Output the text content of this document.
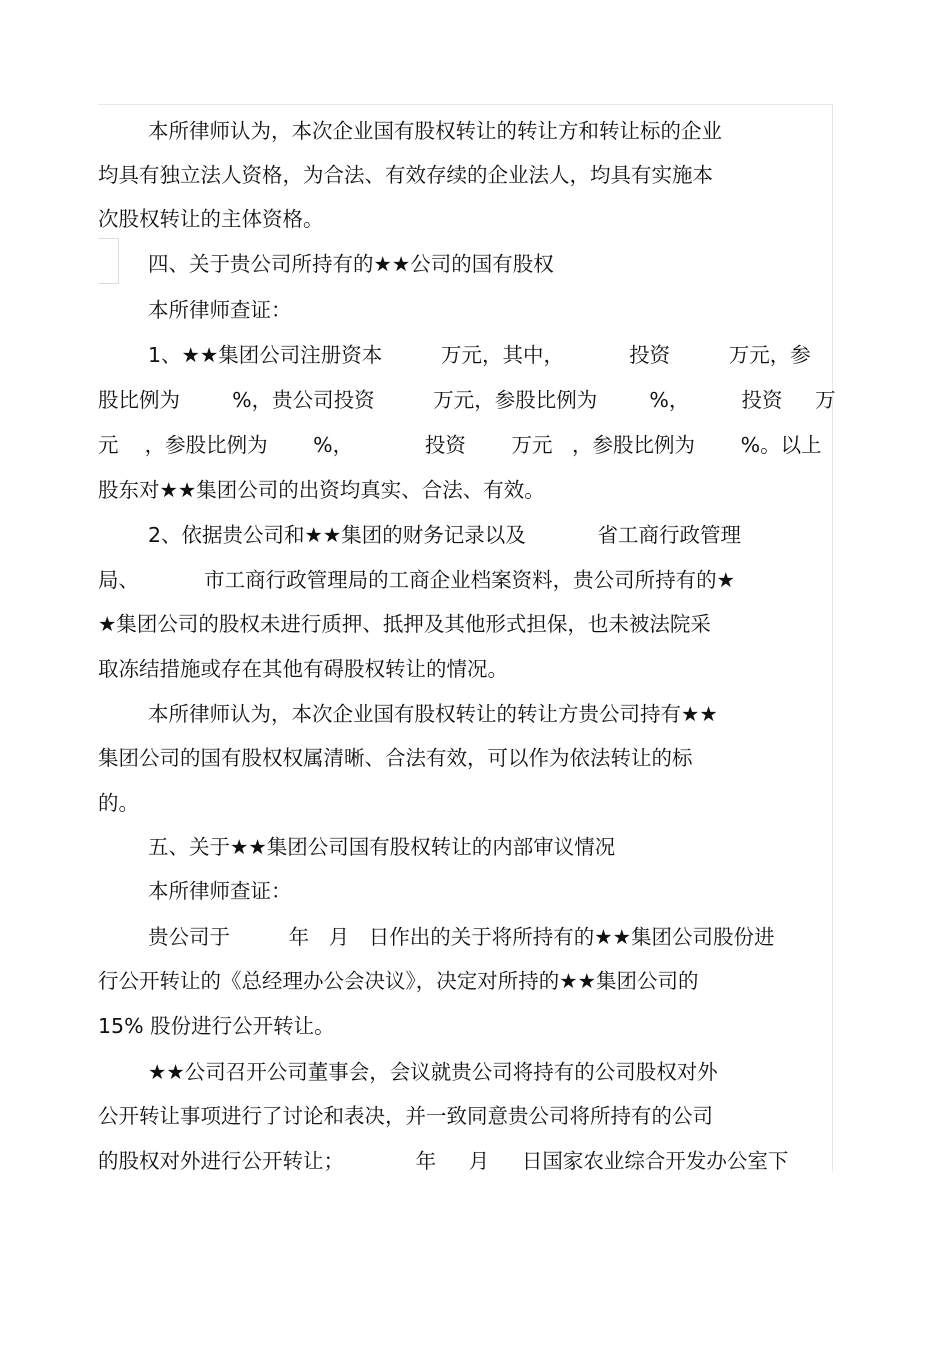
本所律师认为，本次企业国有股权转让的转让方和转让标的企业

均具有独立法人资格，为合法、有效存续的企业法人，均具有实施本

次股权转让的主体资格。

四、关于贵公司所持有的★★公司的国有股权

本所律师查证：

1、★★集团公司注册资本         万元，其中，          投资         万元，参

股比例为        %，贵公司投资         万元，参股比例为        %，        投资     万

元    ，参股比例为       %，           投资       万元   ，参股比例为       %。以上

股东对★★集团公司的出资均真实、合法、有效。

2、依据贵公司和★★集团的财务记录以及           省工商行政管理

局、          市工商行政管理局的工商企业档案资料，贵公司所持有的★

★集团公司的股权未进行质押、抵押及其他形式担保，也未被法院采

取冻结措施或存在其他有碍股权转让的情况。

本所律师认为，本次企业国有股权转让的转让方贵公司持有★★

集团公司的国有股权权属清晰、合法有效，可以作为依法转让的标

的。

五、关于★★集团公司国有股权转让的内部审议情况

本所律师查证：

贵公司于         年   月   日作出的关于将所持有的★★集团公司股份进

行公开转让的《总经理办公会决议》，决定对所持的★★集团公司的

15% 股份进行公开转让。

★★公司召开公司董事会，会议就贵公司将持有的公司股权对外

公开转让事项进行了讨论和表决，并一致同意贵公司将所持有的公司

的股权对外进行公开转让；           年     月     日国家农业综合开发办公室下
